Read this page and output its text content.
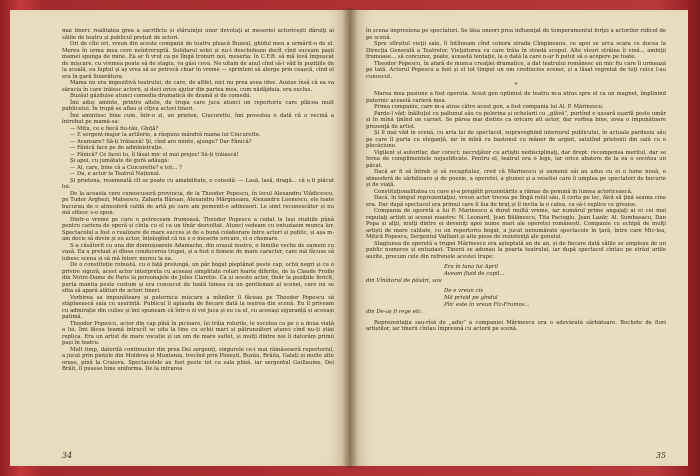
mai tineri: realitatea grea a sacrificiu și stăruinţei unor devotaţi ai meseriei actoricești dăruiţi ai sălile de teatru și publicul prețuit de actori.

Ori de cîte ori, vreun din aceste companii de teatru pleacă Buzeul, ghidul meu a urmărit-o de el. Mereu în urma mea cere neîntreruptă. Solidarul solei și nu-i deschideam decît cînd suceam pașii mamei spunga de mine. Ea ar fi vrut ca pe lîngă tronuri noi, meseria: în C.F.R. să mă lovă împușcat de mișcare, cu vremea poate să de stagiu, va găsi ceva. Ne uitam de anul cînd să-l văd în pozițiile de la școală, eu luptul și aș vrea să se petrecă chiar în vreme — sprinteni să alerge prin ceașcă, cînd el era în gară fluierătura.

Mama nu era impozitivă teatrului, de care, de altfel, nici nu prea avea idee. Auzise însă că ea va săracia în care trăiesc actorii, și deci orice ajutor din partea mea, cum nădăjduia, era exclus.

Buzăul găzduise atunci comedia dramatică de dramă și de comedii.

Îmi aduc aminte, printre altele, de trupa care juca atunci un repertoriu care plăcea mult publicului. În trupă se aflau și cîţiva actori tineri.

Îmi amintesc bine cum, într-o zi, un prieten, Ciucurette, îmi povestea o dată că o vecină a întrebat pe mamă-sa:

— Mițu, ce e fiecă fiu-tău, Ghiță?

— E sergent-major la artilerie, a răspuns mândră mama lui Ciucurette.

— Avansare? Să-ți trăiască! Și, cînd are minte, ajunge? Dar Fănică?

— Fănică face pe de administrație.

— Fănică? Ce facei tu, îl lăsat mic el mai prejos! Să-ți trăiască!

Și apoi, cu jumătate de gură adăugă:

— Ai, care, bine că a Ciucurette? e tot... ?

— Da, e actor la Teatrul Național.

Și prietena, resemnată cît se poate cu amabilitate, o consolă: — Lasă, lasă, dragă... că o fi plăcut lui.

De la aceasta cere cunoscuseră provincia, de la Theodor Popescu, în locul Alexandru Vlădicescu, pe Tudor Arghezi, Mateescu, Zaharia Bârsan, Alexandru Mărgineanu, Alexandru Leonescu, ele toate bucurau de o atmosferă caldă de artă pe care am pomenit-o adineaori. Le simt recunoscător și nu mă sfiiesc s-o spun.

Dintr-o vreme pe care o petreceam frumoasă, Theodor Popescu a cedat la Iași studiile până pentru cariera de operă și cînta cu el ca un tînăr dezvoltat. Atunci vedeam cu entuziasm munca lor. Spectacolul a fost o realizare de mare succes și de o bună colaborare între actori și public, și așa m-am decis să devin și eu actor, înțelegînd că nu e o meserie oricare, ci o chemare.

S-a căsătorit cu una din domnișoarele Adamache, din orașul nostru, o familie veche de oameni cu vază. Ea a preluat și dînsa conducerea trupei, și a fost o femeie de mare caracter, care mă făcuse să iubesc scena și să mă întorc mereu la ea.

De o constituție robustă, cu o față prelungă, un păr bogat pieptănat peste cap, ochii negri și cu o privire sigură, acest actor interpreta cu aceeași simplitate roluri foarte diferite, de la Claude Frollo din Notre-Dame de Paris la personajele de Jules Claretie. Ca și aceste actor, tînăr la pozițiile fericit, purta mantia peste costum și era cunoscut de toată lumea ca un gentleman al scenei, care nu se sfiia să apară alături de actori tineri.

Vorbirea sa impunătoare și puternica mișcare a mîinilor îl făceau pe Theodor Popescu să stăpînească sala cu ușurință. Publicul îl aplauda de fiecare dată la ieșirea din scenă. Eu îl priveam cu admirație din culise și îmi spuneam că într-o zi voi juca și eu ca el, cu aceeași siguranță și aceeași patimă.

Theodor Popescu, actor din cap pînă în picioare, își trăia rolurile, le socotea ca pe o a doua viață a lui. Îmi făcea teamă întrucît se uita la tine cu ochii mari și pătrunzători atunci cînd nu-ți știai replica. Era un artist de mare vocație și un om de mare suflet, și mulți dintre noi îi datorăm primii pași în teatru.

Mult timp, datorită continuelor din prea Dei sergenți, singurele ce-i mai rămăseseră repertoriul, a jucat prin piețele din Moldova și Muntenia, trecînd prin Ploiești, Buzău, Brăila, Galați și multe alte orașe, pînă la Craiova. Spectacolele au fost peste tot cu sala plină, iar sergentul Guillaume, Dei Brăit, îl pusese bine uniforma. De la intrarea

34

în scena impresiona pe spectatori. Se lăsa uneori prea influenţat de temperamentul forţei a actorilor ridicol de pe scenă.

Spre sfîrșitul vieţii sale, îl întîlneam cînd cobora strada Cîmpineanu, ce apoi se urca scara ce ducea la Direcţia Generală a Teatrelor. Vieţuitorea cu care trăia în stradă scopul. Alte vîsuri străine îi vină... ambiţii frumoase... să concurez, poate, această tentaţie, la o dată la care n-ar fi putut să o acopere pe toate.

Theodor Popescu, în afară de munca creaţiei dramatice, a dat teatrului românesc un mic fiu care îi urmează pe tată. Actorul Popescu a fost și el tot timpul un om credincios scenei, și a lăsat regretat de toţi ceice l-au cunoscut.

*

Marea mea pasiune a fost opereta. Acest gen optimist de teatru m-a atras spre el ca un magnet, împlinind puternic această carieră mea.

Prima companie, care m-a atras cătrе acest gen, a fost compania lui Al. P. Mărinescu.

Pardo-l văd: înăltuţul cu paltonul său cu pelerina și ochelarii cu „glăvă”, purtînd o ușoară eșarfă peste umăr și în mînă ţinînd un carnet. Se părea mai distins ca oricare alt actor, dar vorbea bine, avea o impunătoare prezenţă de artist.

Și îl mai văd în scenă, cu arta lui de spectacol, supraveghind interiorul publicului, în actuala pardesiu său pe care îl purta cu eleganţă, iar în mînă cu bastonul cu măner de argint, salutînd prietenii din sală cu o plecăciune.

Vigilent și autoritar, dar corect; necruţător cu artiștii nedisciplinaţi, dar drept: recompensa meritul, dar se ferea de complimentele nejustificate. Pentru el, teatrul era o lege, iar orice abatere de la ea o socotea un păcat.

Dacă ar fi să întreb și să recapitulez, cred că Marinescu și oamenii săi au adus cu ei o lume nouă, o atmosferă de sărbătoare și de poezie, a operetei, a glumei și a veseliei care îi umplea pe spectatori de bucurie și de viaţă.

Constituţionalitatea cu care și-a pregătit prezentările a rămas de pomină în lumea actoricească.

Dacă, în timpul reprezentaţiei, vreun actor trecea pe lîngă rolul său, îl certa pe loc, fără să ţină seama cine era. Dar după spectacol era primul care îl lua de braţ și îl invita la o cafea, ca să-i explice ce greșise.

Compania de operetă a lui P. Marinescu a durat multă vreme, iar numărul prime angajaţi ai ei cei mai reputaţi artiști ai scenei noastre: N. Leonard, Jean Bălănescu, Tita Pacioglu, Jean Lazăr, Al. Sumbasacu, Dan Popa și alţii, mulţi dintre ei deveniţi apoi nume mari ale operetei românești. Companie cu echipă de mulţi artiști de mare calitate, cu un repertoriu bogat, a jucat nenumărate spectacole în ţară, între care Mic-lea, Mitică Popescu, Sergentul Vaillant și alte piese de rezistenţă ale genului.

Stagiunea de operetă a trupei Mărinescu era așteptată an de an, și de fiecare dată sălile se umpleau de un public numeros și entuziast. Tinerii se adunau la poarta teatrului, iar după spectacol cîntau pe străzi ariile auzite, precum cele din refrenele acestei trupe:

Era în luna lui April
Aveam fluid de copil...
din Vînătorul de păsări, sau
De e vreun cîs
Mă privid pe gîndul
Pîn' este în vreun Fiz-Frumos...
din De-aș fi rege etc.

Reprezentaţia sau-rîsă de „adio” a companiei Mărinescu era o adevărată sărbătoare. Buchete de flori artiștilor, iar tinerii cîntau împreună cu actorii pe scenă.

35
